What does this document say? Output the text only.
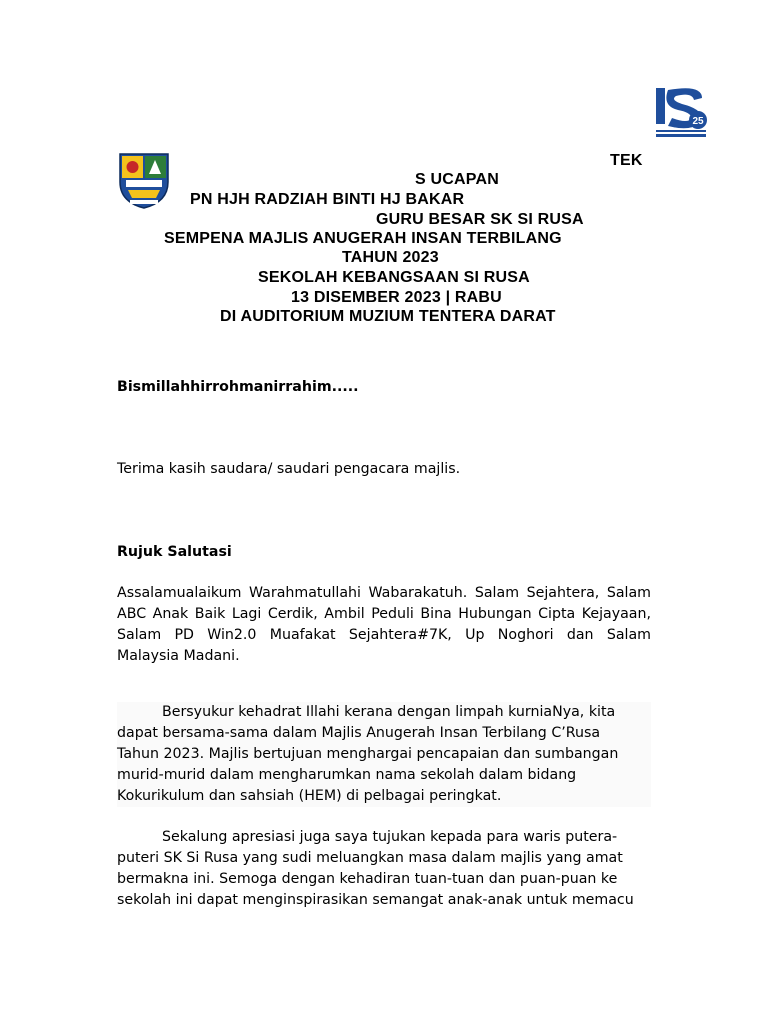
25
TEK
S UCAPAN
PN HJH RADZIAH BINTI HJ BAKAR
GURU BESAR SK SI RUSA
SEMPENA MAJLIS ANUGERAH INSAN TERBILANG
TAHUN 2023
SEKOLAH KEBANGSAAN SI RUSA
13 DISEMBER 2023 | RABU
DI AUDITORIUM MUZIUM TENTERA DARAT
Bismillahhirrohmanirrahim.....
Terima kasih saudara/ saudari pengacara majlis.
Rujuk Salutasi

Assalamualaikum Warahmatullahi Wabarakatuh. Salam Sejahtera, Salam

ABC Anak Baik Lagi Cerdik, Ambil Peduli Bina Hubungan Cipta Kejayaan,

Salam PD Win2.0 Muafakat Sejahtera#7K, Up Noghori dan Salam

Malaysia Madani.

Bersyukur kehadrat Illahi kerana dengan limpah kurniaNya, kita

dapat bersama-sama dalam Majlis Anugerah Insan Terbilang C’Rusa

Tahun 2023. Majlis bertujuan menghargai pencapaian dan sumbangan

murid-murid dalam mengharumkan nama sekolah dalam bidang

Kokurikulum dan sahsiah (HEM) di pelbagai peringkat.

Sekalung apresiasi juga saya tujukan kepada para waris putera-

puteri SK Si Rusa yang sudi meluangkan masa dalam majlis yang amat

bermakna ini. Semoga dengan kehadiran tuan-tuan dan puan-puan ke

sekolah ini dapat menginspirasikan semangat anak-anak untuk memacu
